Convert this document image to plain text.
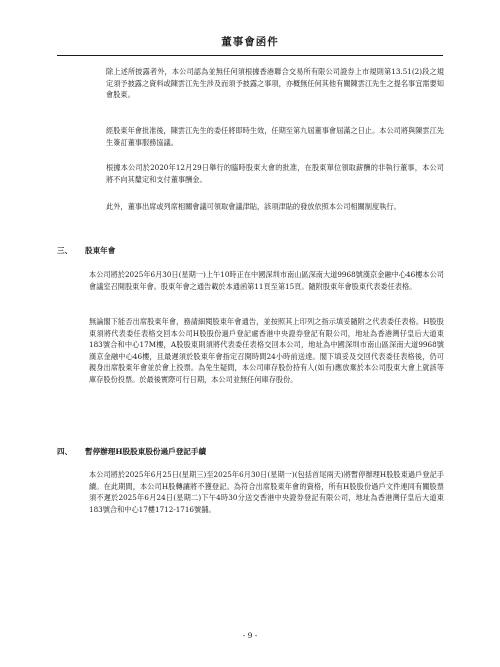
董事會函件

除上述所披露者外，本公司認為並無任何須根據香港聯合交易所有限公司證券上市規則第13.51(2)段之規定須予披露之資料或陳雲江先生涉及而須予披露之事項，亦概無任何其他有關陳雲江先生之提名事宜需要知會股東。

經股東年會批准後，陳雲江先生的委任將即時生效，任期至第九屆董事會屆滿之日止。本公司將與陳雲江先生簽訂董事服務協議。

根據本公司於2020年12月29日舉行的臨時股東大會的批准，在股東單位領取薪酬的非執行董事，本公司將不向其釐定和支付董事酬金。

此外，董事出席或列席相關會議可領取會議津貼，該項津貼的發放依照本公司相關制度執行。

三、 股東年會

本公司將於2025年6月30日(星期一)上午10時正在中國深圳市南山區深南大道9968號漢京金融中心46樓本公司會議室召開股東年會。股東年會之通告載於本通函第11頁至第15頁。隨附股東年會股東代表委任表格。

無論閣下能否出席股東年會，務請細閱股東年會通告，並按照其上印列之指示填妥隨附之代表委任表格。H股股東須將代表委任表格交回本公司H股股份過戶登記處香港中央證券登記有限公司，地址為香港灣仔皇后大道東183號合和中心17M樓，A股股東則須將代表委任表格交回本公司，地址為中國深圳市南山區深南大道9968號漢京金融中心46樓，且最遲須於股東年會指定召開時間24小時前送達。閣下填妥及交回代表委任表格後，仍可親身出席股東年會並於會上投票。為免生疑問，本公司庫存股份持有人(如有)應放棄於本公司股東大會上就該等庫存股份投票。於最後實際可行日期，本公司並無任何庫存股份。

四、 暫停辦理H股股東股份過戶登記手續

本公司將於2025年6月25日(星期三)至2025年6月30日(星期一)(包括首尾兩天)將暫停辦理H股股東過戶登記手續。在此期間，本公司H股轉讓將不獲登記。為符合出席股東年會的資格，所有H股股份過戶文件連同有關股票須不遲於2025年6月24日(星期二)下午4時30分送交香港中央證券登記有限公司，地址為香港灣仔皇后大道東183號合和中心17樓1712-1716號舖。

- 9 -
